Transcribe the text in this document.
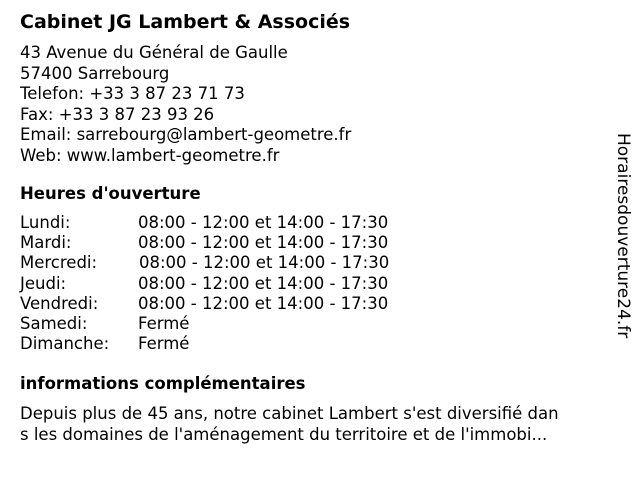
Cabinet JG Lambert & Associés
43 Avenue du Général de Gaulle
57400 Sarrebourg
Telefon: +33 3 87 23 71 73
Fax: +33 3 87 23 93 26
Email: sarrebourg@lambert-geometre.fr
Web: www.lambert-geometre.fr
Heures d'ouverture
Lundi:	08:00 - 12:00 et 14:00 - 17:30
Mardi:	08:00 - 12:00 et 14:00 - 17:30
Mercredi:	08:00 - 12:00 et 14:00 - 17:30
Jeudi:	08:00 - 12:00 et 14:00 - 17:30
Vendredi: 08:00 - 12:00 et 14:00 - 17:30
Samedi:	Fermé
Dimanche: Fermé
informations complémentaires
Depuis plus de 45 ans, notre cabinet Lambert s'est diversifié dan
s les domaines de l'aménagement du territoire et de l'immobi...
Horairesdouverture24.fr
